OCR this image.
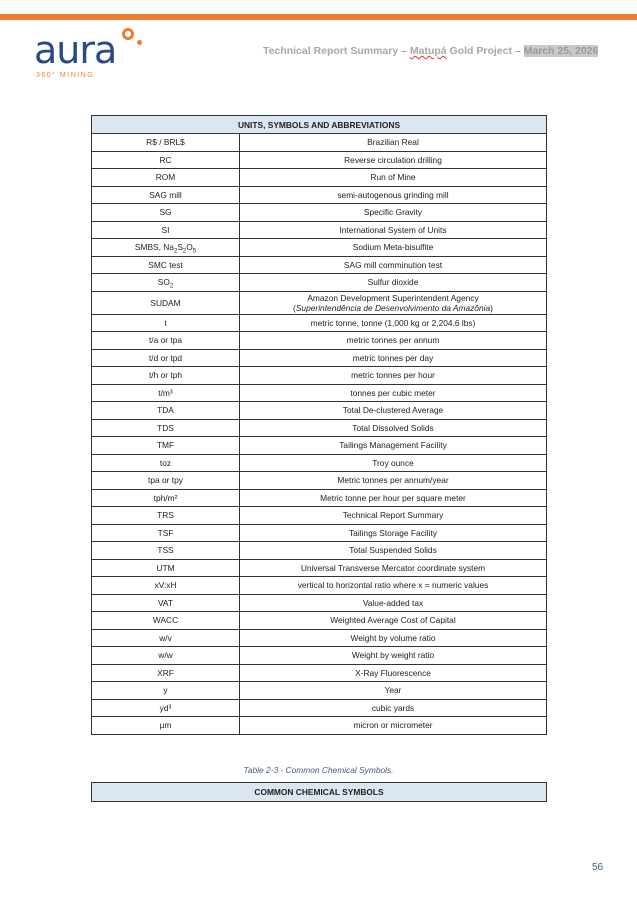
aura
360° MINING
Technical Report Summary – Matupá Gold Project – March 25, 2026
UNITS, SYMBOLS AND ABBREVIATIONS	
R$ / BRL$	Brazilian Real
RC	Reverse circulation drilling
ROM	Run of Mine
SAG mill	semi-autogenous grinding mill
SG	Specific Gravity
SI	International System of Units
SMBS, $Na_2S_2O_5$	Sodium Meta-bisulfite
SMC test	SAG mill comminution test
$SO_2$	Sulfur dioxide
SUDAM	Amazon Development Superintendent Agency
(Superintendência de Desenvolvimento da Amazônia)

t	metric tonne, tonne (1,000 kg or 2,204.6 lbs)
t/a or tpa	metric tonnes per annum
t/d or tpd	metric tonnes per day
t/h or tph	metric tonnes per hour
t/m³	tonnes per cubic meter
TDA	Total De-clustered Average
TDS	Total Dissolved Solids
TMF	Tailings Management Facility
toz	Troy ounce
tpa or tpy	Metric tonnes per annum/year
tph/m²	Metric tonne per hour per square meter
TRS	Technical Report Summary
TSF	Tailings Storage Facility
TSS	Total Suspended Solids
UTM	Universal Transverse Mercator coordinate system
xV:xH	vertical to horizontal ratio where x = numeric values
VAT	Value-added tax
WACC	Weighted Average Cost of Capital
w/v	Weight by volume ratio
w/w	Weight by weight ratio
XRF	X-Ray Fluorescence
y	Year
yd³	cubic yards
µm	micron or micrometer
Table 2-3 - Common Chemical Symbols.
COMMON CHEMICAL SYMBOLS
56
